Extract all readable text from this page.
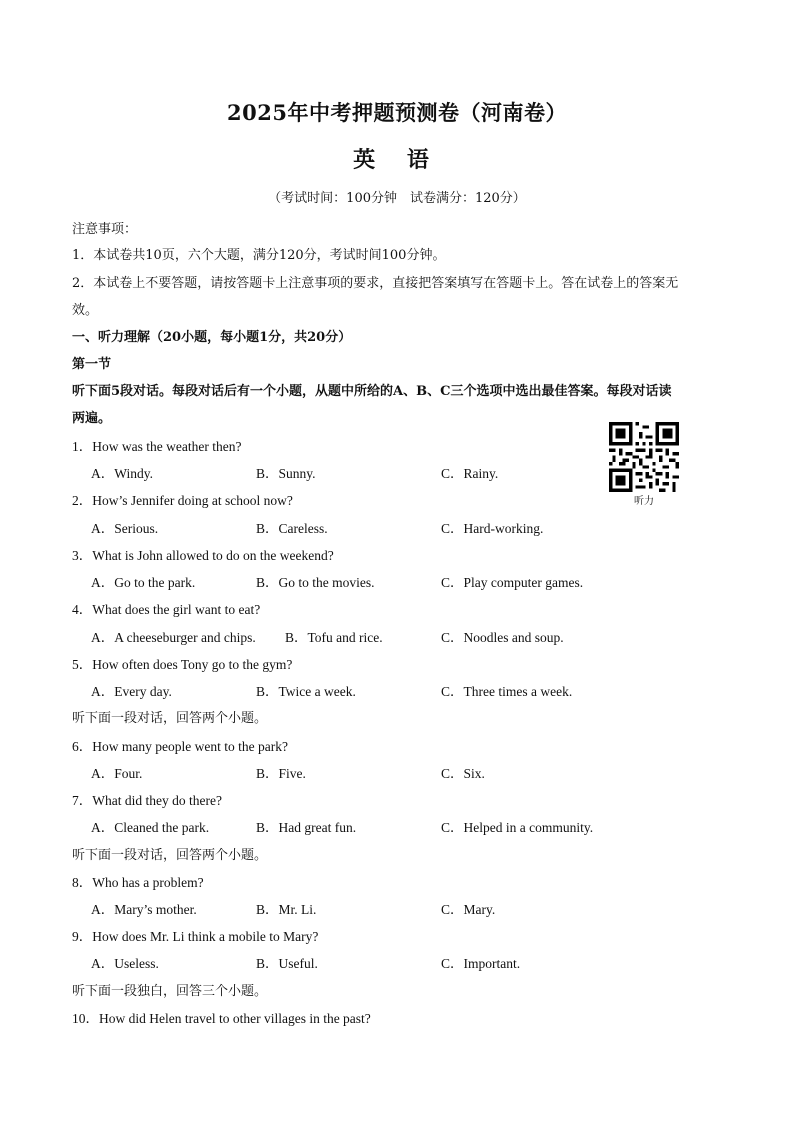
2025年中考押题预测卷（河南卷）
英 语
（考试时间：100分钟　试卷满分：120分）
注意事项：
1．本试卷共10页，六个大题，满分120分，考试时间100分钟。
2．本试卷上不要答题，请按答题卡上注意事项的要求，直接把答案填写在答题卡上。答在试卷上的答案无
效。
一、听力理解（20小题，每小题1分，共20分）
第一节
听下面5段对话。每段对话后有一个小题，从题中所给的A、B、C三个选项中选出最佳答案。每段对话读
两遍。
听力
1．How was the weather then?
A．Windy.	B．Sunny.	C．Rainy.
2．How’s Jennifer doing at school now?
A．Serious.	B．Careless.	C．Hard-working.
3．What is John allowed to do on the weekend?
A．Go to the park.	B．Go to the movies.	C．Play computer games.
4．What does the girl want to eat?
A．A cheeseburger and chips. B．Tofu and rice.	C．Noodles and soup.
5．How often does Tony go to the gym?
A．Every day.	B．Twice a week.	C．Three times a week.
听下面一段对话，回答两个小题。
6．How many people went to the park?
A．Four.	B．Five.	C．Six.
7．What did they do there?
A．Cleaned the park.	B．Had great fun.	C．Helped in a community.
听下面一段对话，回答两个小题。
8．Who has a problem?
A．Mary’s mother.	B．Mr. Li.	C．Mary.
9．How does Mr. Li think a mobile to Mary?
A．Useless.	B．Useful.	C．Important.
听下面一段独白，回答三个小题。
10．How did Helen travel to other villages in the past?
